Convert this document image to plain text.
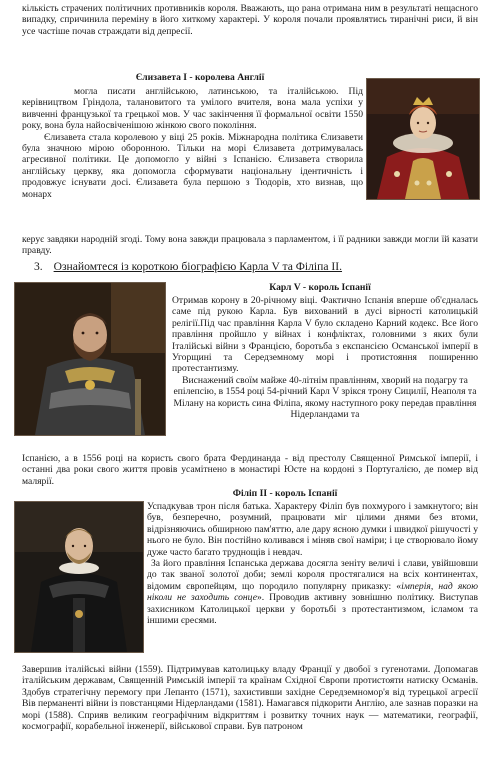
кількість страчених політичних противників короля. Вважають, що рана отримана ним в результаті нещасного випадку, спричинила переміну в його хиткому характері. У короля почали проявлятись тиранічні риси, й він усе частіше почав страждати від депресії.

Єлизавета І - королева Англії

могла писати англійською, латинською, та італійською. Під керівництвом Гріндола, талановитого та умілого вчителя, вона мала успіхи у вивченні французької та грецької мов. У час закінчення її формальної освіти 1550 року, вона була найосвіченішою жінкою свого покоління.

Єлизавета стала королевою у віці 25 років. Міжнародна політика Єлизавети була значною мірою оборонною. Тільки на морі Єлизавета дотримувалась агресивної політики. Це допомогло у війні з Іспанією. Єлизавета створила англійську церкву, яка допомогла сформувати національну ідентичність і продовжує існувати досі. Єлизавета була першою з Тюдорів, хто визнав, що монарх

керує завдяки народній згоді. Тому вона завжди працювала з парламентом, і її радники завжди могли їй казати правду.

3. Ознайомтеся із короткою біографією Карла V та Філіпа ІІ.
Карл V - король Іспанії

Отримав корону в 20-річному віці. Фактично Іспанія вперше об'єдналась саме під рукою Карла. Був вихований в дусі вірності католицькій релігії.Під час правління Карла V було складено Карний кодекс. Все його правління пройшло у війнах і конфліктах, головними з яких були Італійські війни з Францією, боротьба з експансією Османської імперії в Угорщині та Середземному морі і протистояння поширенню протестантизму.

Виснажений своїм майже 40-літнім правлінням, хворий на подагру та епілепсію, в 1554 році 54-річний Карл V зрікся трону Сицилії, Неаполя та Мілану на користь сина Філіпа, якому наступного року передав правління Нідерландами та

Іспанією, а в 1556 році на користь свого брата Фердинанда - від престолу Священної Римської імперії, і останні два роки свого життя провів усамітнено в монастирі Юсте на кордоні з Португалією, де помер від малярії.

Філіп ІІ - король Іспанії

Успадкував трон після батька. Характеру Філіп був похмурого і замкнутого; він був, безперечно, розумний, працювати міг цілими днями без втоми, відрізняючись обширною пам'яттю, але дару ясною думки і швидкої рішучості у нього не було. Він постійно коливався і міняв свої наміри; і це створювало йому дуже часто багато труднощів і невдач.

За його правління Іспанська держава досягла зеніту величі і слави, увійшовши до так званої золотої доби; землі короля простягалися на всіх континентах, відомим європейцям, що породило популярну приказку: «імперія, над якою ніколи не заходить сонце». Проводив активну зовнішню політику. Виступав захисником Католицької церкви у боротьбі з протестантизмом, ісламом та іншими єресями.

Завершив італійські війни (1559). Підтримував католицьку владу Франції у двобої з гугенотами. Допомагав італійським державам, Священній Римській імперії та країнам Східної Європи протистояти натиску Османів. Здобув стратегічну перемогу при Лепанто (1571), захистивши західне Середземномор'я від турецької агресії Вів перманенті війни із повстанцями Нідерландами (1581). Намагався підкорити Англію, але зазнав поразки на морі (1588). Сприяв великим географічним відкриттям і розвитку точних наук — математики, географії, космографії, корабельної інженерії, військової справи. Був патроном
